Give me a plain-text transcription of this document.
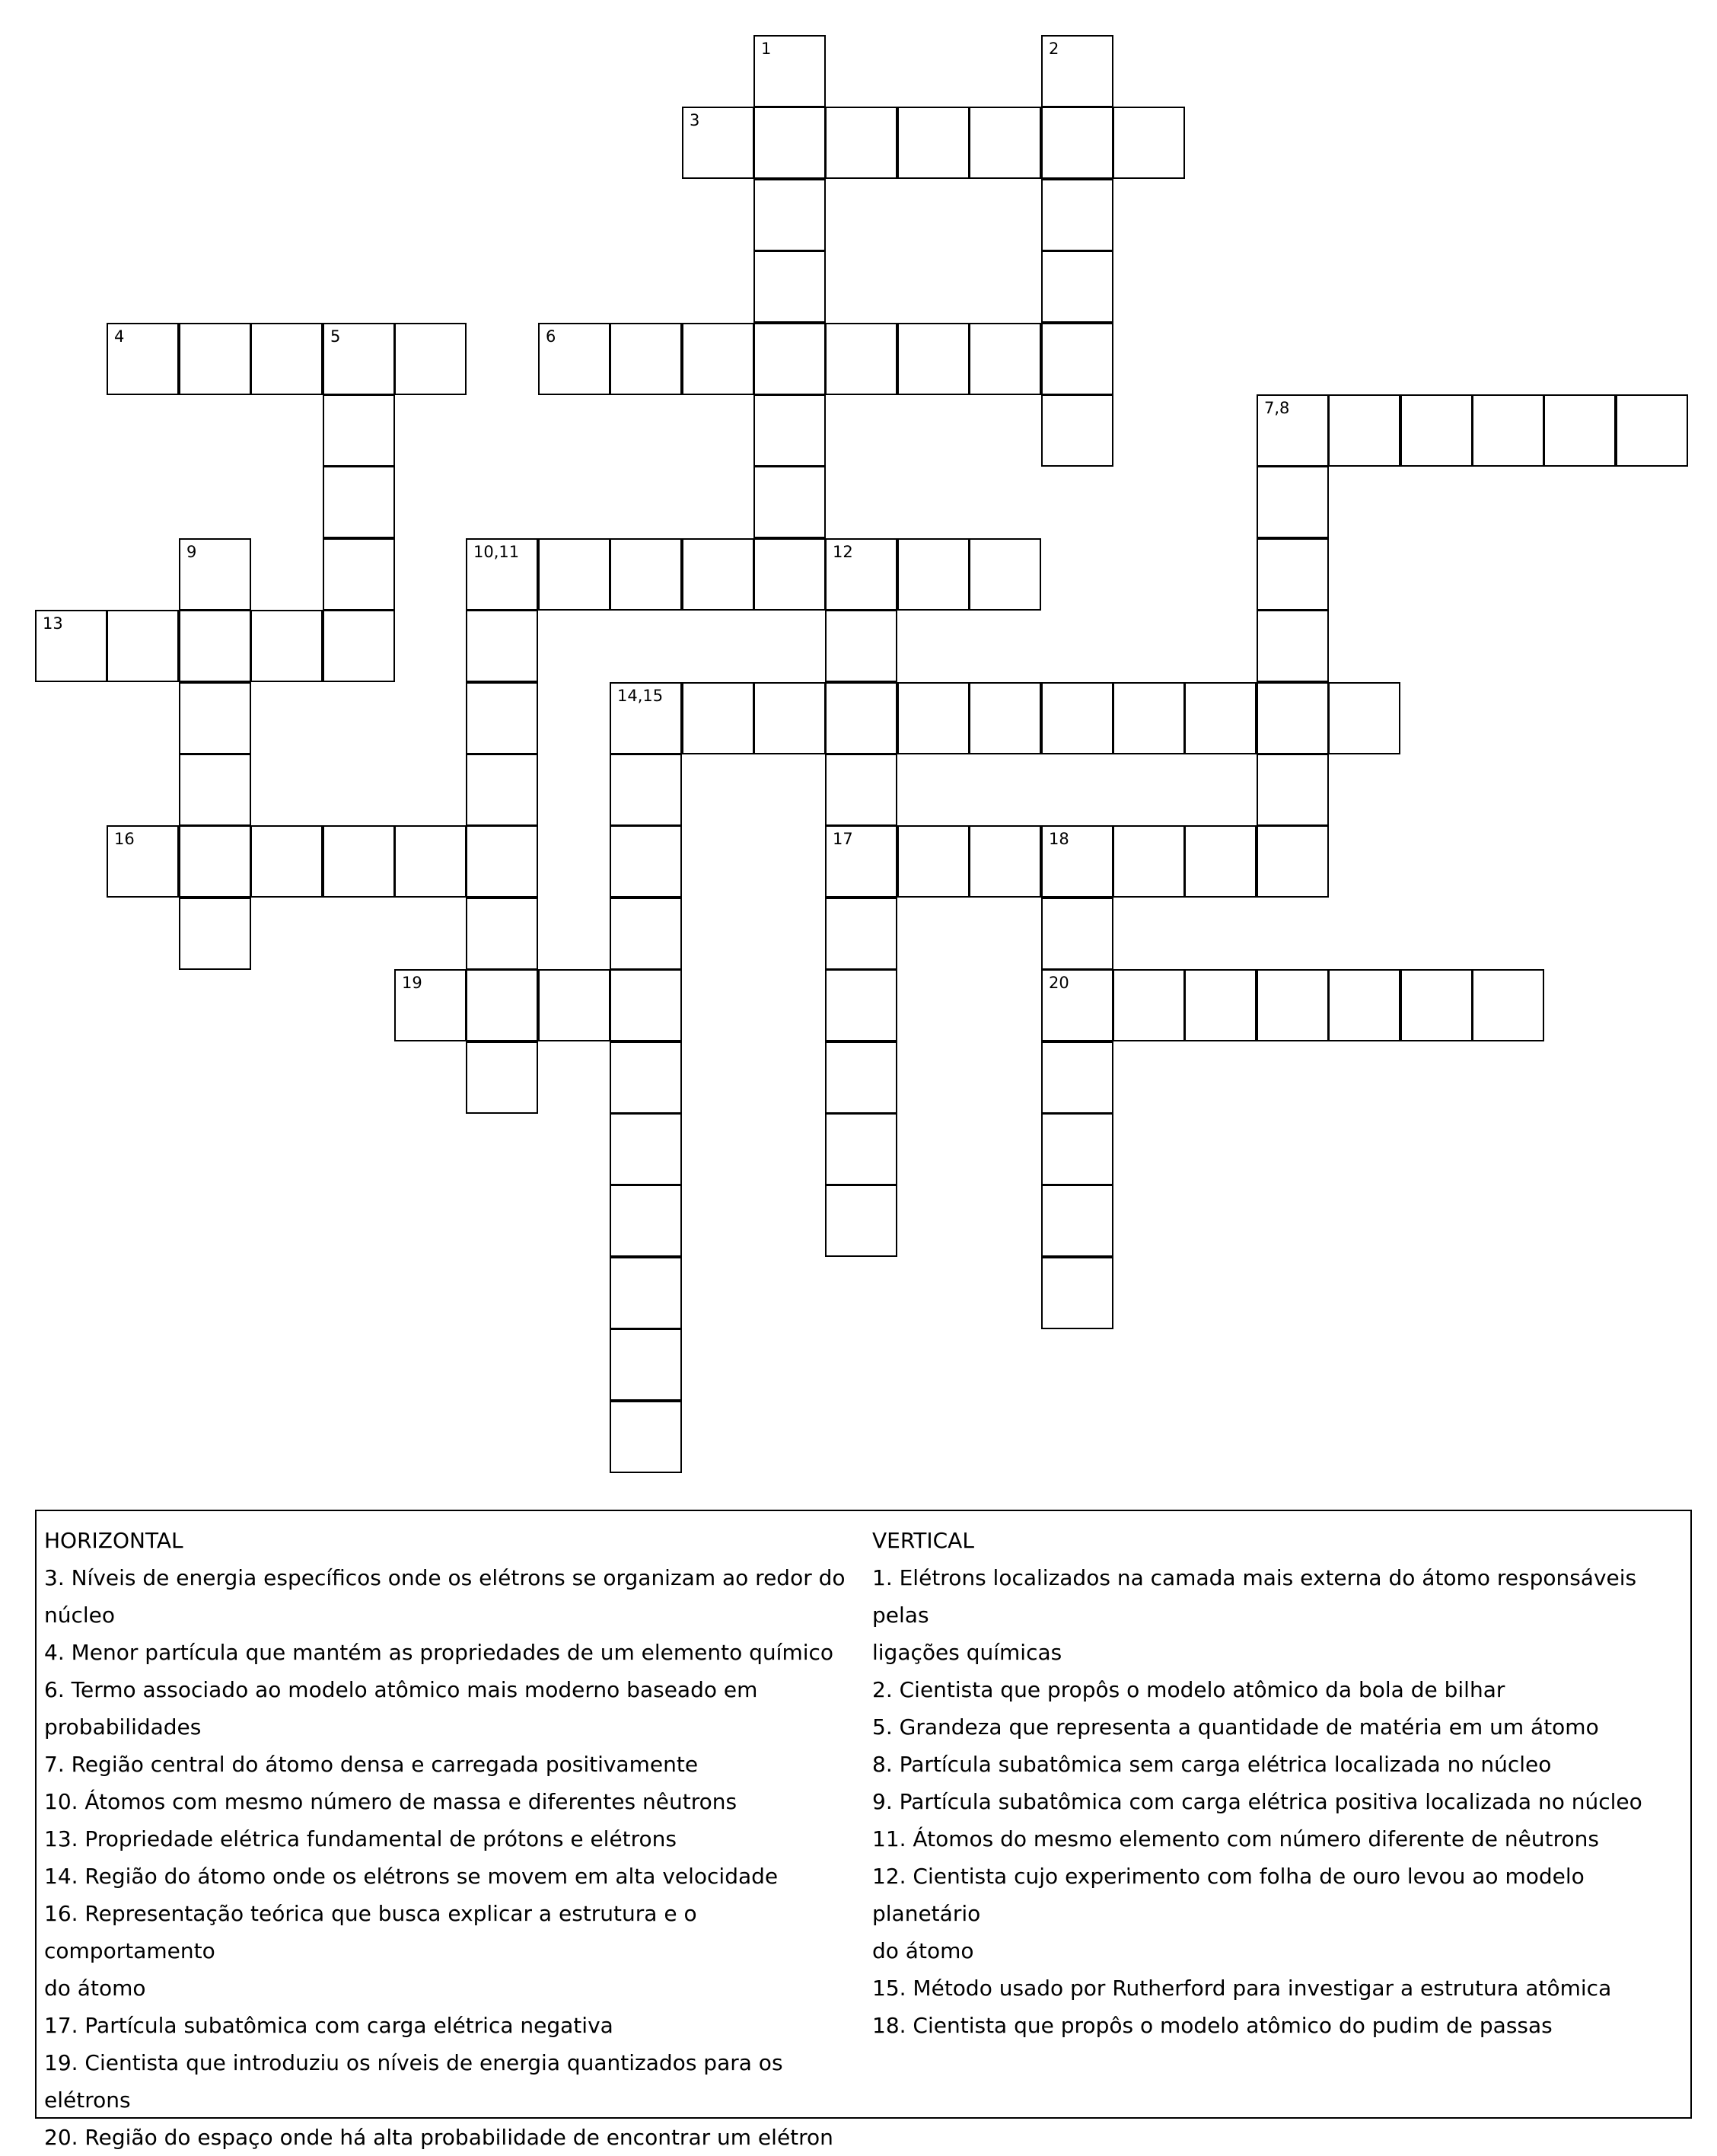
1	2
3
4	5	6
7,8
9	10,11	12
13
14,15
16	17	18
19	20
HORIZONTAL
3. Níveis de energia específicos onde os elétrons se organizam ao redor do
núcleo
4. Menor partícula que mantém as propriedades de um elemento químico
6. Termo associado ao modelo atômico mais moderno baseado em
probabilidades
7. Região central do átomo densa e carregada positivamente
10. Átomos com mesmo número de massa e diferentes nêutrons
13. Propriedade elétrica fundamental de prótons e elétrons
14. Região do átomo onde os elétrons se movem em alta velocidade
16. Representação teórica que busca explicar a estrutura e o comportamento
do átomo
17. Partícula subatômica com carga elétrica negativa
19. Cientista que introduziu os níveis de energia quantizados para os elétrons
20. Região do espaço onde há alta probabilidade de encontrar um elétron
VERTICAL
1. Elétrons localizados na camada mais externa do átomo responsáveis pelas
ligações químicas
2. Cientista que propôs o modelo atômico da bola de bilhar
5. Grandeza que representa a quantidade de matéria em um átomo
8. Partícula subatômica sem carga elétrica localizada no núcleo
9. Partícula subatômica com carga elétrica positiva localizada no núcleo
11. Átomos do mesmo elemento com número diferente de nêutrons
12. Cientista cujo experimento com folha de ouro levou ao modelo planetário
do átomo
15. Método usado por Rutherford para investigar a estrutura atômica
18. Cientista que propôs o modelo atômico do pudim de passas
